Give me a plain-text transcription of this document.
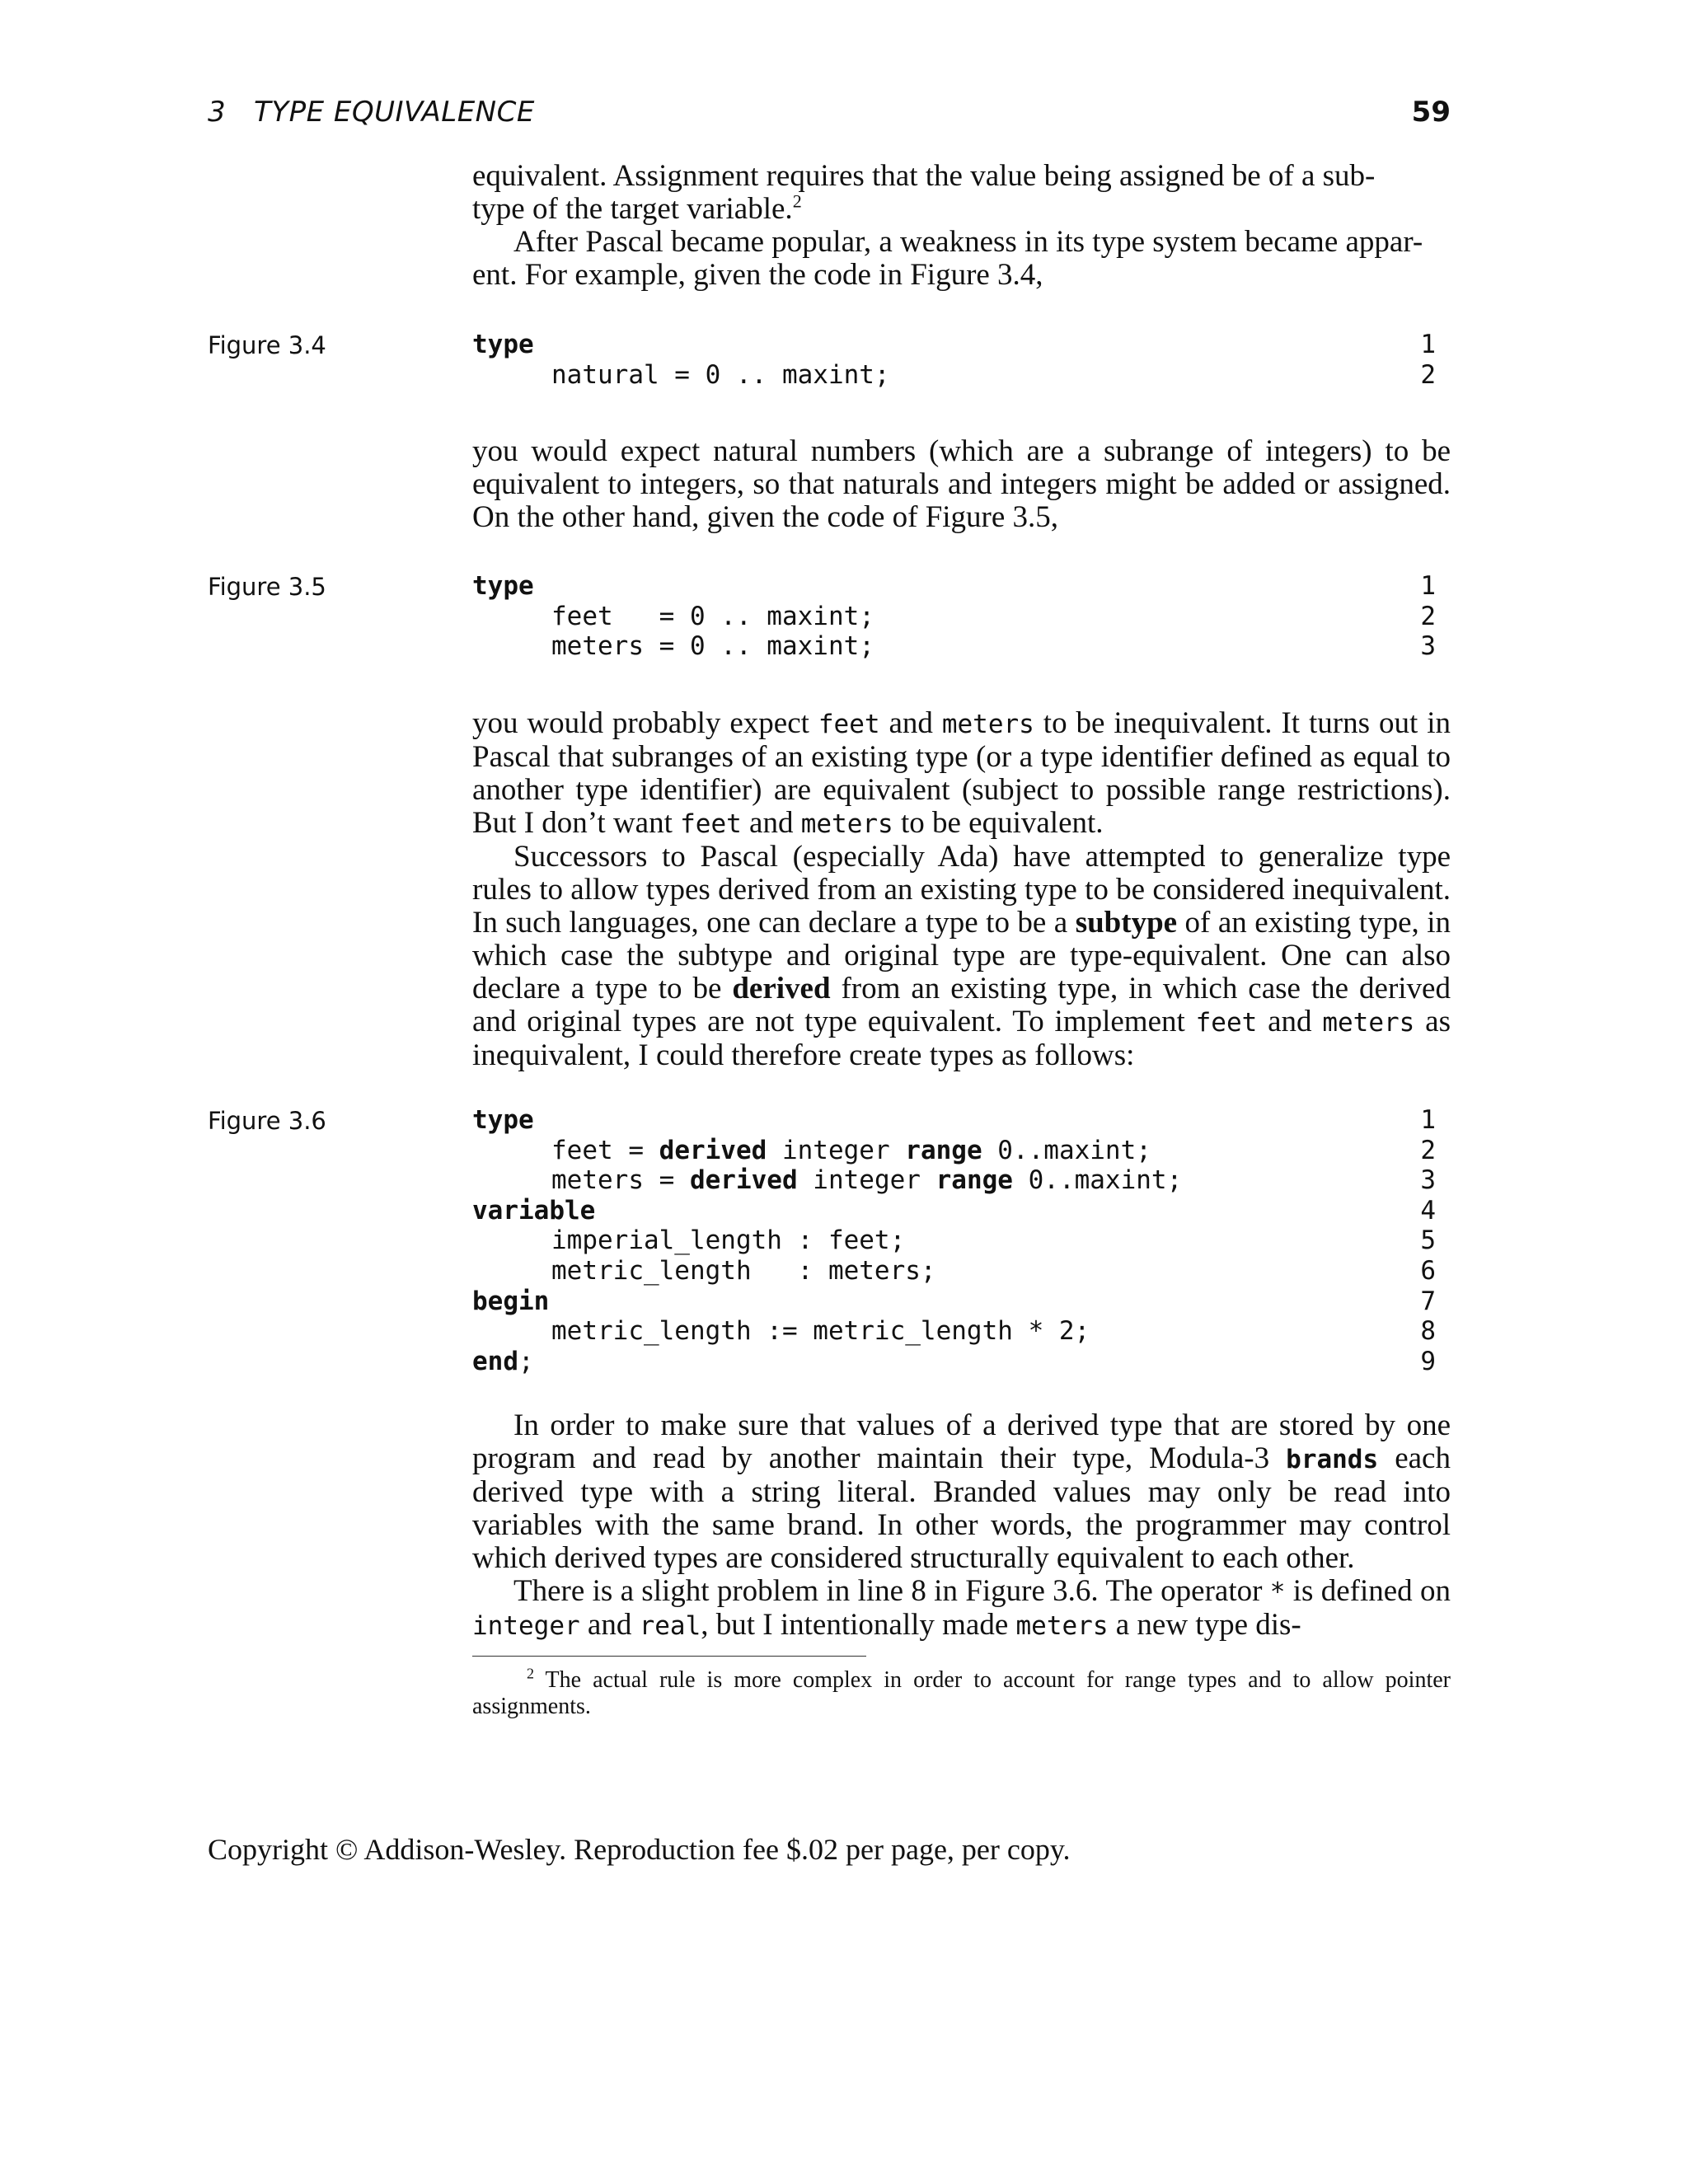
3   TYPE EQUIVALENCE	59

equivalent. Assignment requires that the value being assigned be of a sub-

type of the target variable.$^2$

After Pascal became popular, a weakness in its type system became appar-

ent. For example, given the code in Figure 3.4,

Figure 3.4

	type

	1

natural = 0 .. maxint;

	2

you would expect natural numbers (which are a subrange of integers) to be equivalent to integers, so that naturals and integers might be added or assigned. On the other hand, given the code of Figure 3.5,

Figure 3.5

	type

	1

feet   = 0 .. maxint;

	2

meters = 0 .. maxint;

	3

you would probably expect feet and meters to be inequivalent. It turns out in Pascal that subranges of an existing type (or a type identifier defined as equal to another type identifier) are equivalent (subject to possible range restrictions). But I don’t want feet and meters to be equivalent.

Successors to Pascal (especially Ada) have attempted to generalize type rules to allow types derived from an existing type to be considered inequivalent. In such languages, one can declare a type to be a subtype of an existing type, in which case the subtype and original type are type-equivalent. One can also declare a type to be derived from an existing type, in which case the derived and original types are not type equivalent. To implement feet and meters as inequivalent, I could therefore create types as follows:

Figure 3.6

	type

	1

feet = derived integer range 0..maxint;

	2

meters = derived integer range 0..maxint;

	3

variable

	4

imperial_length : feet;

	5

metric_length   : meters;

	6

begin

	7

metric_length := metric_length * 2;

	8

end;

	9

In order to make sure that values of a derived type that are stored by one program and read by another maintain their type, Modula-3 brands each derived type with a string literal. Branded values may only be read into variables with the same brand. In other words, the programmer may control which derived types are considered structurally equivalent to each other.

There is a slight problem in line 8 in Figure 3.6. The operator * is defined on integer and real, but I intentionally made meters a new type dis-

$^2$ The actual rule is more complex in order to account for range types and to allow pointer assignments.
Copyright © Addison-Wesley. Reproduction fee $.02 per page, per copy.
